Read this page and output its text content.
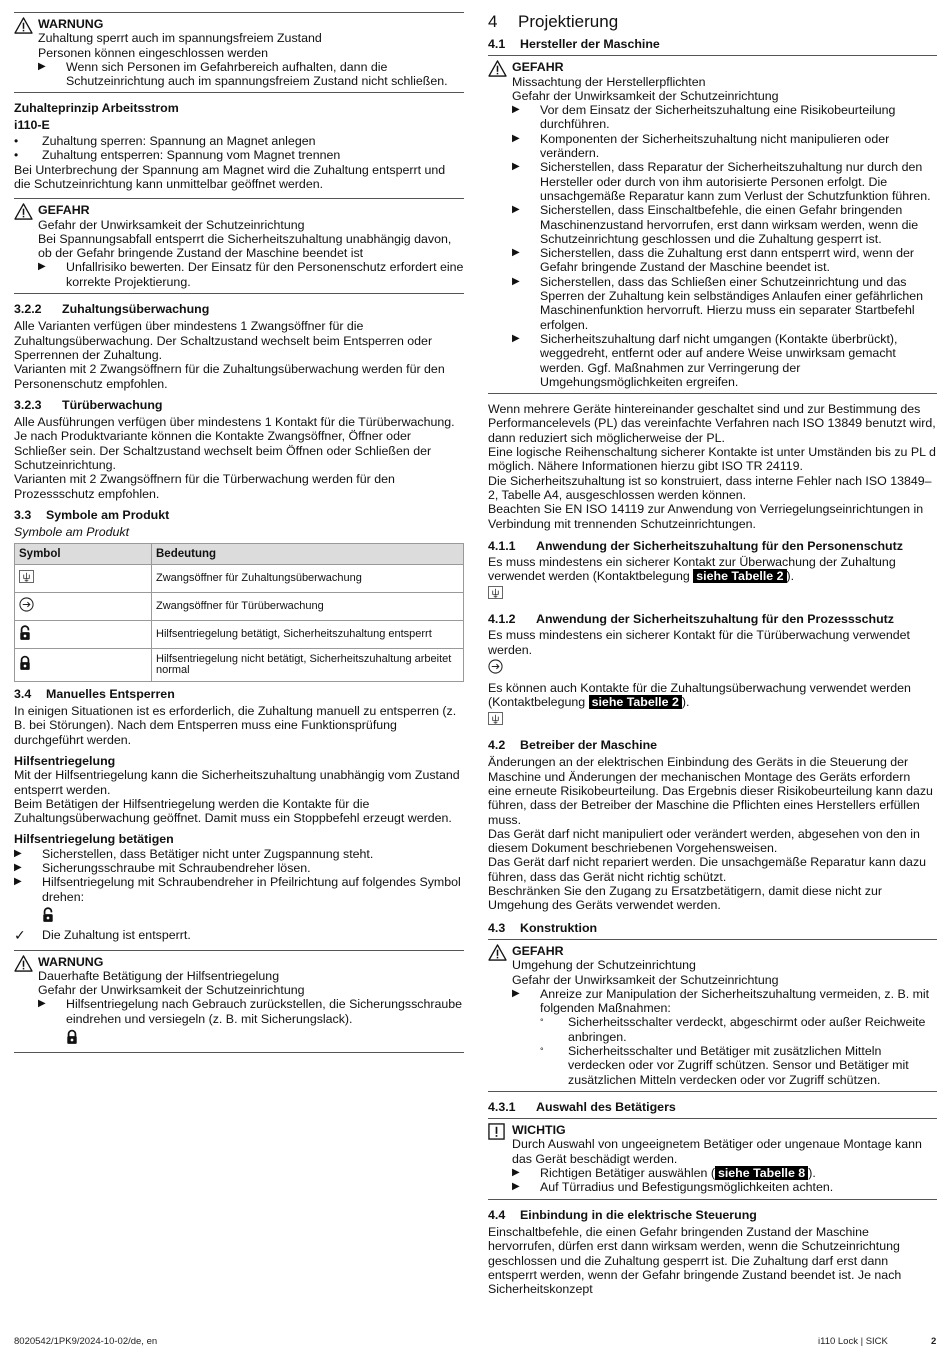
WARNUNG

Zuhaltung sperrt auch im spannungsfreiem Zustand

Personen können eingeschlossen werden

▶	Wenn sich Personen im Gefahrbereich aufhalten, dann die Schutzeinrichtung auch im spannungsfreiem Zustand nicht schließen.

Zuhalteprinzip Arbeitsstrom

i110-E

•	Zuhaltung sperren: Spannung an Magnet anlegen
•	Zuhaltung entsperren: Spannung vom Magnet trennen

Bei Unterbrechung der Spannung am Magnet wird die Zuhaltung entsperrt und die Schutzeinrichtung kann unmittelbar geöffnet werden.

GEFAHR

Gefahr der Unwirksamkeit der Schutzeinrichtung

Bei Spannungsabfall entsperrt die Sicherheitszuhaltung unabhängig davon, ob der Gefahr bringende Zustand der Maschine beendet ist

▶	Unfallrisiko bewerten. Der Einsatz für den Personenschutz erfordert eine korrekte Projektierung.
3.2.2	Zuhaltungsüberwachung

Alle Varianten verfügen über mindestens 1 Zwangsöffner für die Zuhaltungsüberwachung. Der Schaltzustand wechselt beim Entsperren oder Sperrennen der Zuhaltung.

Varianten mit 2 Zwangsöffnern für die Zuhaltungsüberwachung werden für den Personenschutz empfohlen.

3.2.3	Türüberwachung

Alle Ausführungen verfügen über mindestens 1 Kontakt für die Türüberwachung. Je nach Produktvariante können die Kontakte Zwangsöffner, Öffner oder Schließer sein. Der Schaltzustand wechselt beim Öffnen oder Schließen der Schutzeinrichtung.

Varianten mit 2 Zwangsöffnern für die Türberwachung werden für den Prozessschutz empfohlen.

3.3	Symbole am Produkt

Symbole am Produkt

Symbol	Bedeutung
	Zwangsöffner für Zuhaltungsüberwachung
	Zwangsöffner für Türüberwachung
	Hilfsentriegelung betätigt, Sicherheitszuhaltung entsperrt
	Hilfsentriegelung nicht betätigt, Sicherheitszuhaltung arbeitet normal
3.4	Manuelles Entsperren

In einigen Situationen ist es erforderlich, die Zuhaltung manuell zu entsperren (z. B. bei Störungen). Nach dem Entsperren muss eine Funktionsprüfung durchgeführt werden.

Hilfsentriegelung

Mit der Hilfsentriegelung kann die Sicherheitszuhaltung unabhängig vom Zustand entsperrt werden.

Beim Betätigen der Hilfsentriegelung werden die Kontakte für die Zuhaltungsüberwachung geöffnet. Damit muss ein Stoppbefehl erzeugt werden.

Hilfsentriegelung betätigen

▶	Sicherstellen, dass Betätiger nicht unter Zugspannung steht.
▶	Sicherungsschraube mit Schraubendreher lösen.
▶	Hilfsentriegelung mit Schraubendreher in Pfeilrichtung auf folgendes Symbol drehen:
✓	Die Zuhaltung ist entsperrt.

WARNUNG

Dauerhafte Betätigung der Hilfsentriegelung

Gefahr der Unwirksamkeit der Schutzeinrichtung

▶	Hilfsentriegelung nach Gebrauch zurückstellen, die Sicherungsschraube eindrehen und versiegeln (z. B. mit Sicherungslack).
4 Projektierung
4.1	Hersteller der Maschine

GEFAHR

Missachtung der Herstellerpflichten

Gefahr der Unwirksamkeit der Schutzeinrichtung

▶	Vor dem Einsatz der Sicherheitszuhaltung eine Risikobeurteilung durchführen.
▶	Komponenten der Sicherheitszuhaltung nicht manipulieren oder verändern.
▶	Sicherstellen, dass Reparatur der Sicherheitszuhaltung nur durch den Hersteller oder durch von ihm autorisierte Personen erfolgt. Die unsachgemäße Reparatur kann zum Verlust der Schutzfunktion führen.
▶	Sicherstellen, dass Einschaltbefehle, die einen Gefahr bringenden Maschinenzustand hervorrufen, erst dann wirksam werden, wenn die Schutzeinrichtung geschlossen und die Zuhaltung gesperrt ist.
▶	Sicherstellen, dass die Zuhaltung erst dann entsperrt wird, wenn der Gefahr bringende Zustand der Maschine beendet ist.
▶	Sicherstellen, dass das Schließen einer Schutzeinrichtung und das Sperren der Zuhaltung kein selbständiges Anlaufen einer gefährlichen Maschinenfunktion hervorruft. Hierzu muss ein separater Startbefehl erfolgen.
▶	Sicherheitszuhaltung darf nicht umgangen (Kontakte überbrückt), weggedreht, entfernt oder auf andere Weise unwirksam gemacht werden. Ggf. Maßnahmen zur Verringerung der Umgehungsmöglichkeiten ergreifen.

Wenn mehrere Geräte hintereinander geschaltet sind und zur Bestimmung des Performancelevels (PL) das vereinfachte Verfahren nach ISO 13849 benutzt wird, dann reduziert sich möglicherweise der PL.

Eine logische Reihenschaltung sicherer Kontakte ist unter Umständen bis zu PL d möglich. Nähere Informationen hierzu gibt ISO TR 24119.

Die Sicherheitszuhaltung ist so konstruiert, dass interne Fehler nach ISO 13849–2, Tabelle A4, ausgeschlossen werden können.

Beachten Sie EN ISO 14119 zur Anwendung von Verriegelungseinrichtungen in Verbindung mit trennenden Schutzeinrichtungen.

4.1.1	Anwendung der Sicherheitszuhaltung für den Personenschutz

Es muss mindestens ein sicherer Kontakt zur Überwachung der Zuhaltung verwendet werden (Kontaktbelegung siehe Tabelle 2 ).

4.1.2	Anwendung der Sicherheitszuhaltung für den Prozessschutz

Es muss mindestens ein sicherer Kontakt für die Türüberwachung verwendet werden.

Es können auch Kontakte für die Zuhaltungsüberwachung verwendet werden (Kontaktbelegung siehe Tabelle 2 ).

4.2	Betreiber der Maschine

Änderungen an der elektrischen Einbindung des Geräts in die Steuerung der Maschine und Änderungen der mechanischen Montage des Geräts erfordern eine erneute Risikobeurteilung. Das Ergebnis dieser Risikobeurteilung kann dazu führen, dass der Betreiber der Maschine die Pflichten eines Herstellers erfüllen muss.

Das Gerät darf nicht manipuliert oder verändert werden, abgesehen von den in diesem Dokument beschriebenen Vorgehensweisen.

Das Gerät darf nicht repariert werden. Die unsachgemäße Reparatur kann dazu führen, dass das Gerät nicht richtig schützt.

Beschränken Sie den Zugang zu Ersatzbetätigern, damit diese nicht zur Umgehung des Geräts verwendet werden.

4.3	Konstruktion

GEFAHR

Umgehung der Schutzeinrichtung

Gefahr der Unwirksamkeit der Schutzeinrichtung

▶	Anreize zur Manipulation der Sicherheitszuhaltung vermeiden, z. B. mit folgenden Maßnahmen:
°	Sicherheitsschalter verdeckt, abgeschirmt oder außer Reichweite anbringen.
°	Sicherheitsschalter und Betätiger mit zusätzlichen Mitteln verdecken oder vor Zugriff schützen. Sensor und Betätiger mit zusätzlichen Mitteln verdecken oder vor Zugriff schützen.
4.3.1	Auswahl des Betätigers

WICHTIG

Durch Auswahl von ungeeignetem Betätiger oder ungenaue Montage kann das Gerät beschädigt werden.

▶	Richtigen Betätiger auswählen ( siehe Tabelle 8 ).
▶	Auf Türradius und Befestigungsmöglichkeiten achten.
4.4	Einbindung in die elektrische Steuerung

Einschaltbefehle, die einen Gefahr bringenden Zustand der Maschine hervorrufen, dürfen erst dann wirksam werden, wenn die Schutzeinrichtung geschlossen und die Zuhaltung gesperrt ist. Die Zuhaltung darf erst dann entsperrt werden, wenn der Gefahr bringende Zustand beendet ist. Je nach Sicherheitskonzept

8020542/1PK9/2024-10-02/de, en	i110 Lock | SICK	2
